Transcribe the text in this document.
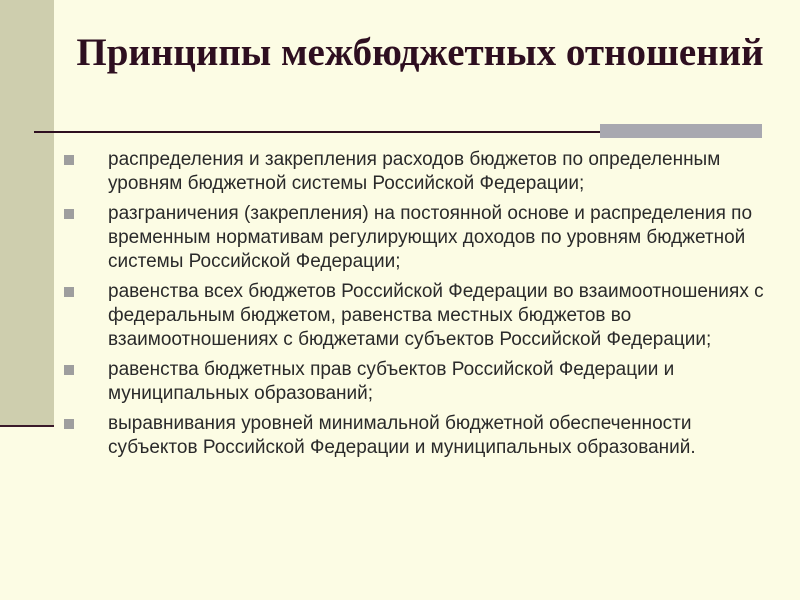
Принципы межбюджетных отношений
распределения и закрепления расходов бюджетов по определенным уровням бюджетной системы Российской Федерации;
разграничения (закрепления) на постоянной основе и распределения по временным нормативам регулирующих доходов по уровням бюджетной системы Российской Федерации;
равенства всех бюджетов Российской Федерации во взаимоотношениях с федеральным бюджетом, равенства местных бюджетов во взаимоотношениях с бюджетами субъектов Российской Федерации;
равенства бюджетных прав субъектов Российской Федерации и муниципальных образований;
выравнивания уровней минимальной бюджетной обеспеченности субъектов Российской Федерации и муниципальных образований.
